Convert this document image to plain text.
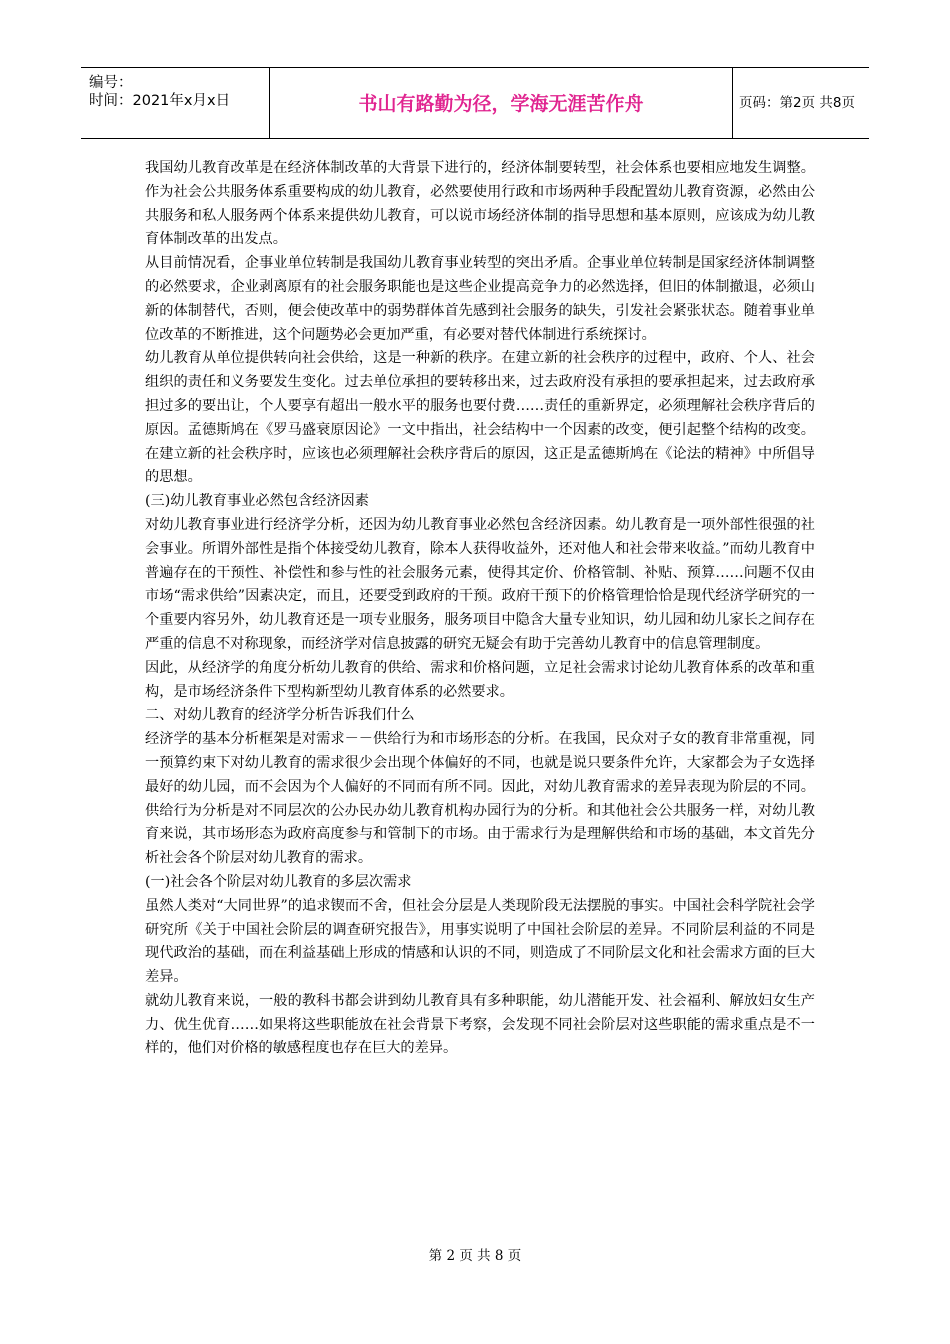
编号：
时间：2021年x月x日	书山有路勤为径，学海无涯苦作舟	页码：第2页 共8页

我国幼儿教育改革是在经济体制改革的大背景下进行的，经济体制要转型，社会体系也要相应地发生调整。作为社会公共服务体系重要构成的幼儿教育，必然要使用行政和市场两种手段配置幼儿教育资源，必然由公共服务和私人服务两个体系来提供幼儿教育，可以说市场经济体制的指导思想和基本原则，应该成为幼儿教育体制改革的出发点。

从目前情况看，企事业单位转制是我国幼儿教育事业转型的突出矛盾。企事业单位转制是国家经济体制调整的必然要求，企业剥离原有的社会服务职能也是这些企业提高竞争力的必然选择，但旧的体制撤退，必须山新的体制替代，否则，便会使改革中的弱势群体首先感到社会服务的缺失，引发社会紧张状态。随着事业单位改革的不断推进，这个问题势必会更加严重，有必要对替代体制进行系统探讨。

幼儿教育从单位提供转向社会供给，这是一种新的秩序。在建立新的社会秩序的过程中，政府、个人、社会组织的责任和义务要发生变化。过去单位承担的要转移出来，过去政府没有承担的要承担起来，过去政府承担过多的要出让，个人要享有超出一般水平的服务也要付费……责任的重新界定，必须理解社会秩序背后的原因。孟德斯鸠在《罗马盛衰原因论》一文中指出，社会结构中一个因素的改变，便引起整个结构的改变。在建立新的社会秩序时，应该也必须理解社会秩序背后的原因，这正是孟德斯鸠在《论法的精神》中所倡导的思想。

(三)幼儿教育事业必然包含经济因素

对幼儿教育事业进行经济学分析，还因为幼儿教育事业必然包含经济因素。幼儿教育是一项外部性很强的社会事业。所谓外部性是指个体接受幼儿教育，除本人获得收益外，还对他人和社会带来收益。”而幼儿教育中普遍存在的干预性、补偿性和参与性的社会服务元素，使得其定价、价格管制、补贴、预算……问题不仅由市场“需求供给”因素决定，而且，还要受到政府的干预。政府干预下的价格管理恰恰是现代经济学研究的一个重要内容另外，幼儿教育还是一项专业服务，服务项目中隐含大量专业知识，幼儿园和幼儿家长之间存在严重的信息不对称现象，而经济学对信息披露的研究无疑会有助于完善幼儿教育中的信息管理制度。

因此，从经济学的角度分析幼儿教育的供给、需求和价格问题，立足社会需求讨论幼儿教育体系的改革和重构，是市场经济条件下型构新型幼儿教育体系的必然要求。

二、对幼儿教育的经济学分析告诉我们什么

经济学的基本分析框架是对需求－－供给行为和市场形态的分析。在我国，民众对子女的教育非常重视，同一预算约束下对幼儿教育的需求很少会出现个体偏好的不同，也就是说只要条件允许，大家都会为子女选择最好的幼儿园，而不会因为个人偏好的不同而有所不同。因此，对幼儿教育需求的差异表现为阶层的不同。供给行为分析是对不同层次的公办民办幼儿教育机构办园行为的分析。和其他社会公共服务一样，对幼儿教育来说，其市场形态为政府高度参与和管制下的市场。由于需求行为是理解供给和市场的基础，本文首先分析社会各个阶层对幼儿教育的需求。

(一)社会各个阶层对幼儿教育的多层次需求

虽然人类对“大同世界”的追求锲而不舍，但社会分层是人类现阶段无法摆脱的事实。中国社会科学院社会学研究所《关于中国社会阶层的调查研究报告》，用事实说明了中国社会阶层的差异。不同阶层利益的不同是现代政治的基础，而在利益基础上形成的情感和认识的不同，则造成了不同阶层文化和社会需求方面的巨大差异。

就幼儿教育来说，一般的教科书都会讲到幼儿教育具有多种职能，幼儿潜能开发、社会福利、解放妇女生产力、优生优育……如果将这些职能放在社会背景下考察，会发现不同社会阶层对这些职能的需求重点是不一样的，他们对价格的敏感程度也存在巨大的差异。

第 2 页 共 8 页
